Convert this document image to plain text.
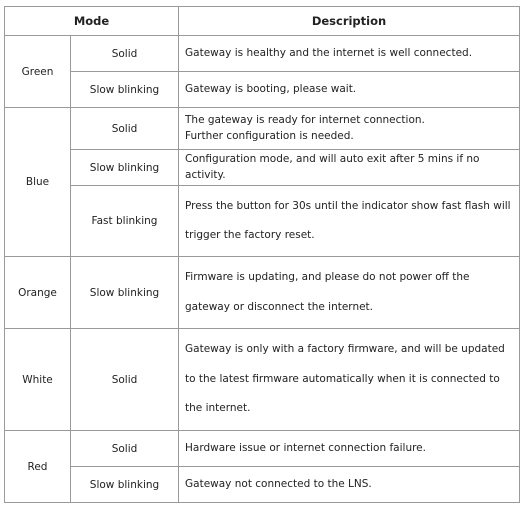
Mode		Description
Green	Solid	Gateway is healthy and the internet is well connected.
	Slow blinking	Gateway is booting, please wait.
Blue	Solid	The gateway is ready for internet connection.
Further configuration is needed.
	Slow blinking	Configuration mode, and will auto exit after 5 mins if no activity.
	Fast blinking	Press the button for 30s until the indicator show fast flash will
trigger the factory reset.
Orange	Slow blinking	Firmware is updating, and please do not power off the
gateway or disconnect the internet.
White	Solid	Gateway is only with a factory firmware, and will be updated
to the latest firmware automatically when it is connected to
the internet.
Red	Solid	Hardware issue or internet connection failure.
	Slow blinking	Gateway not connected to the LNS.
